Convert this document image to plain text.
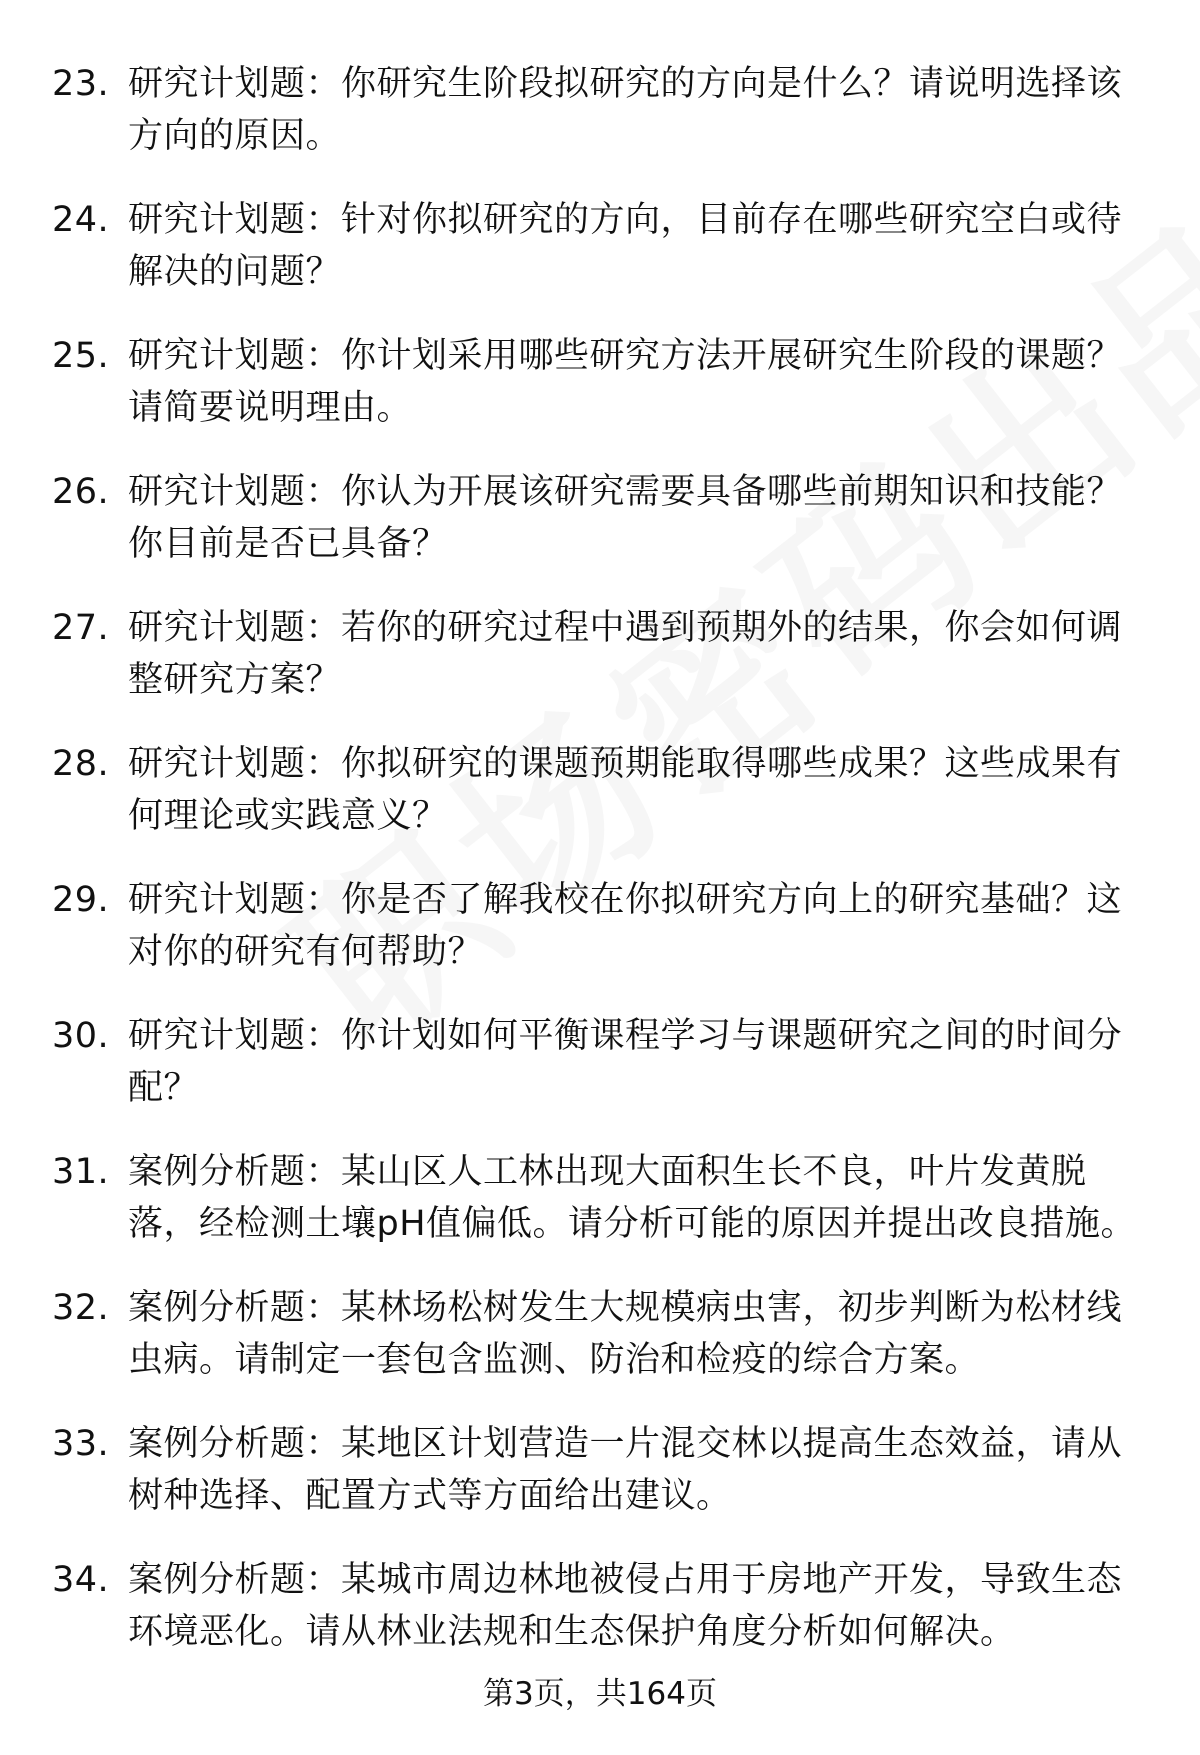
23. 研究计划题：你研究生阶段拟研究的方向是什么？请说明选择该方向的原因。
24. 研究计划题：针对你拟研究的方向，目前存在哪些研究空白或待解决的问题？
25. 研究计划题：你计划采用哪些研究方法开展研究生阶段的课题？请简要说明理由。
26. 研究计划题：你认为开展该研究需要具备哪些前期知识和技能？你目前是否已具备？
27. 研究计划题：若你的研究过程中遇到预期外的结果，你会如何调整研究方案？
28. 研究计划题：你拟研究的课题预期能取得哪些成果？这些成果有何理论或实践意义？
29. 研究计划题：你是否了解我校在你拟研究方向上的研究基础？这对你的研究有何帮助？
30. 研究计划题：你计划如何平衡课程学习与课题研究之间的时间分配？
31. 案例分析题：某山区人工林出现大面积生长不良，叶片发黄脱落，经检测土壤pH值偏低。请分析可能的原因并提出改良措施。
32. 案例分析题：某林场松树发生大规模病虫害，初步判断为松材线虫病。请制定一套包含监测、防治和检疫的综合方案。
33. 案例分析题：某地区计划营造一片混交林以提高生态效益，请从树种选择、配置方式等方面给出建议。
34. 案例分析题：某城市周边林地被侵占用于房地产开发，导致生态环境恶化。请从林业法规和生态保护角度分析如何解决。
第3页，共164页
